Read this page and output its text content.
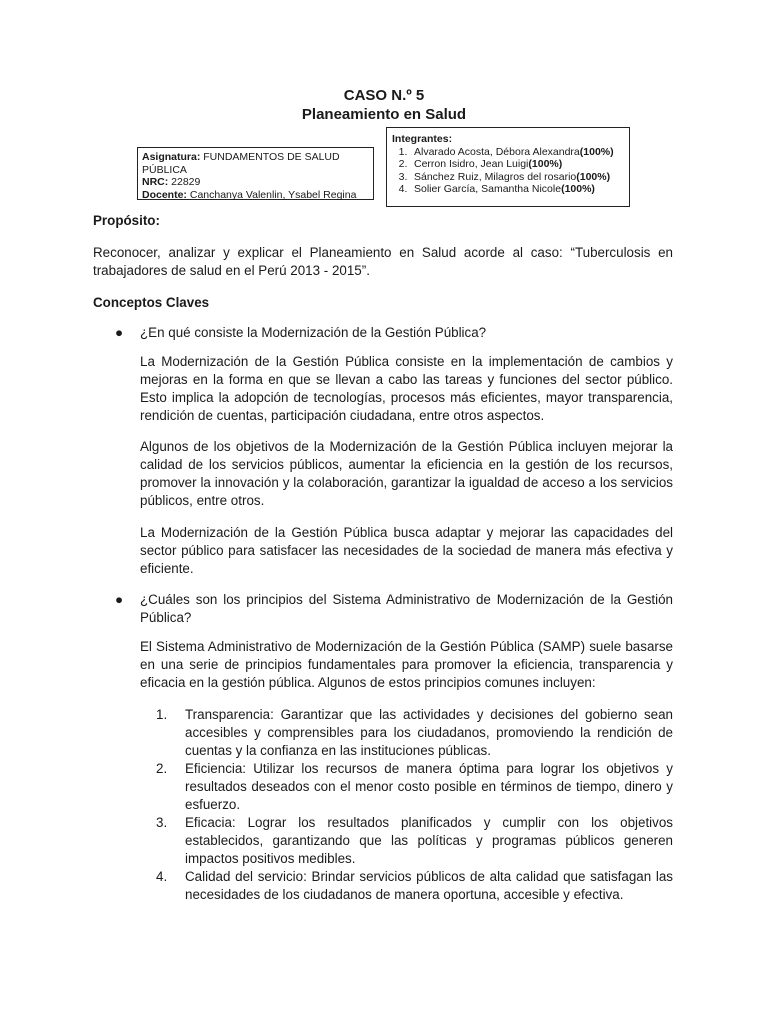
CASO N.º 5
Planeamiento en Salud
Asignatura: FUNDAMENTOS DE SALUD
PÚBLICA
NRC: 22829
Docente: Canchanya Valenlin, Ysabel Regina
Integrantes:
1. Alvarado Acosta, Débora Alexandra (100%)
2. Cerron Isidro, Jean Luigi (100%)
3. Sánchez Ruiz, Milagros del rosario (100%)
4. Solier García, Samantha Nicole (100%)

Propósito:

Reconocer, analizar y explicar el Planeamiento en Salud acorde al caso: “Tuberculosis en trabajadores de salud en el Perú 2013 - 2015”.

Conceptos Claves

●	¿En qué consiste la Modernización de la Gestión Pública?

La Modernización de la Gestión Pública consiste en la implementación de cambios y mejoras en la forma en que se llevan a cabo las tareas y funciones del sector público. Esto implica la adopción de tecnologías, procesos más eficientes, mayor transparencia, rendición de cuentas, participación ciudadana, entre otros aspectos.

Algunos de los objetivos de la Modernización de la Gestión Pública incluyen mejorar la calidad de los servicios públicos, aumentar la eficiencia en la gestión de los recursos, promover la innovación y la colaboración, garantizar la igualdad de acceso a los servicios públicos, entre otros.

La Modernización de la Gestión Pública busca adaptar y mejorar las capacidades del sector público para satisfacer las necesidades de la sociedad de manera más efectiva y eficiente.

●	¿Cuáles son los principios del Sistema Administrativo de Modernización de la Gestión Pública?

El Sistema Administrativo de Modernización de la Gestión Pública (SAMP) suele basarse en una serie de principios fundamentales para promover la eficiencia, transparencia y eficacia en la gestión pública. Algunos de estos principios comunes incluyen:

1.	Transparencia: Garantizar que las actividades y decisiones del gobierno sean accesibles y comprensibles para los ciudadanos, promoviendo la rendición de cuentas y la confianza en las instituciones públicas.
2.	Eficiencia: Utilizar los recursos de manera óptima para lograr los objetivos y resultados deseados con el menor costo posible en términos de tiempo, dinero y esfuerzo.
3.	Eficacia: Lograr los resultados planificados y cumplir con los objetivos establecidos, garantizando que las políticas y programas públicos generen impactos positivos medibles.
4.	Calidad del servicio: Brindar servicios públicos de alta calidad que satisfagan las necesidades de los ciudadanos de manera oportuna, accesible y efectiva.
